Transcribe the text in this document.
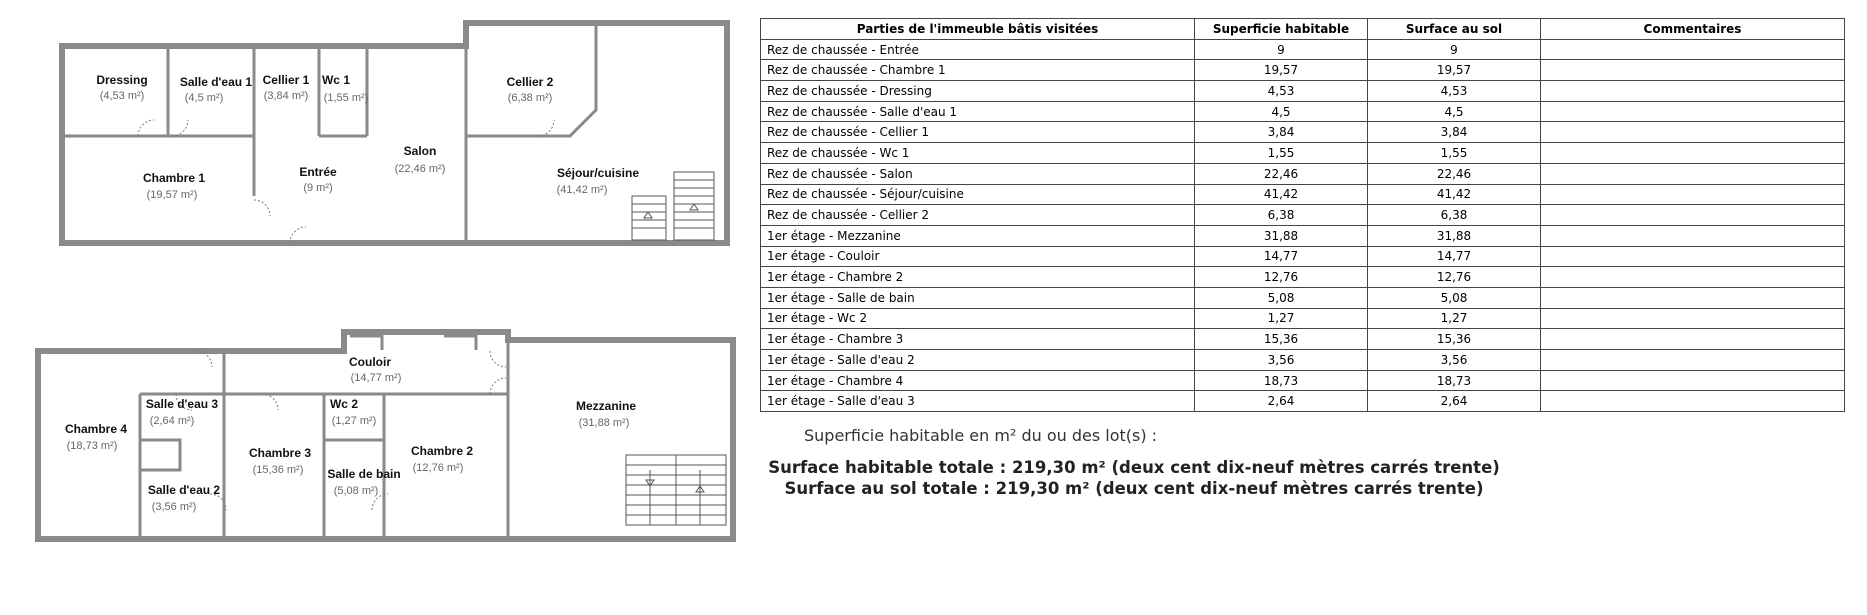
Dressing
(4,53 m²)
Salle d'eau 1
(4,5 m²)
Cellier 1
(3,84 m²)
Wc 1
(1,55 m²)
Cellier 2
(6,38 m²)
Chambre 1
(19,57 m²)
Entrée
(9 m²)
Salon
(22,46 m²)	Séjour/cuisine
(41,42 m²)
Couloir
(14,77 m²)
Salle d'eau 3
(2,64 m²)
Wc 2
(1,27 m²)
Mezzanine
(31,88 m²)
Chambre 4
(18,73 m²)	Chambre 3
(15,36 m²)
Chambre 2
(12,76 m²)
Salle de bain
(5,08 m²)
Salle d'eau 2
(3,56 m²)
Parties de l'immeuble bâtis visitées	Superficie habitable	Surface au sol	Commentaires
Rez de chaussée - Entrée	9	9	
Rez de chaussée - Chambre 1	19,57	19,57	
Rez de chaussée - Dressing	4,53	4,53	
Rez de chaussée - Salle d'eau 1	4,5	4,5	
Rez de chaussée - Cellier 1	3,84	3,84	
Rez de chaussée - Wc 1	1,55	1,55	
Rez de chaussée - Salon	22,46	22,46	
Rez de chaussée - Séjour/cuisine	41,42	41,42	
Rez de chaussée - Cellier 2	6,38	6,38	
1er étage - Mezzanine	31,88	31,88	
1er étage - Couloir	14,77	14,77	
1er étage - Chambre 2	12,76	12,76	
1er étage - Salle de bain	5,08	5,08	
1er étage - Wc 2	1,27	1,27	
1er étage - Chambre 3	15,36	15,36	
1er étage - Salle d'eau 2	3,56	3,56	
1er étage - Chambre 4	18,73	18,73	
1er étage - Salle d'eau 3	2,64	2,64	
Superficie habitable en m² du ou des lot(s) :
Surface habitable totale : 219,30 m² (deux cent dix-neuf mètres carrés trente)
Surface au sol totale : 219,30 m² (deux cent dix-neuf mètres carrés trente)
